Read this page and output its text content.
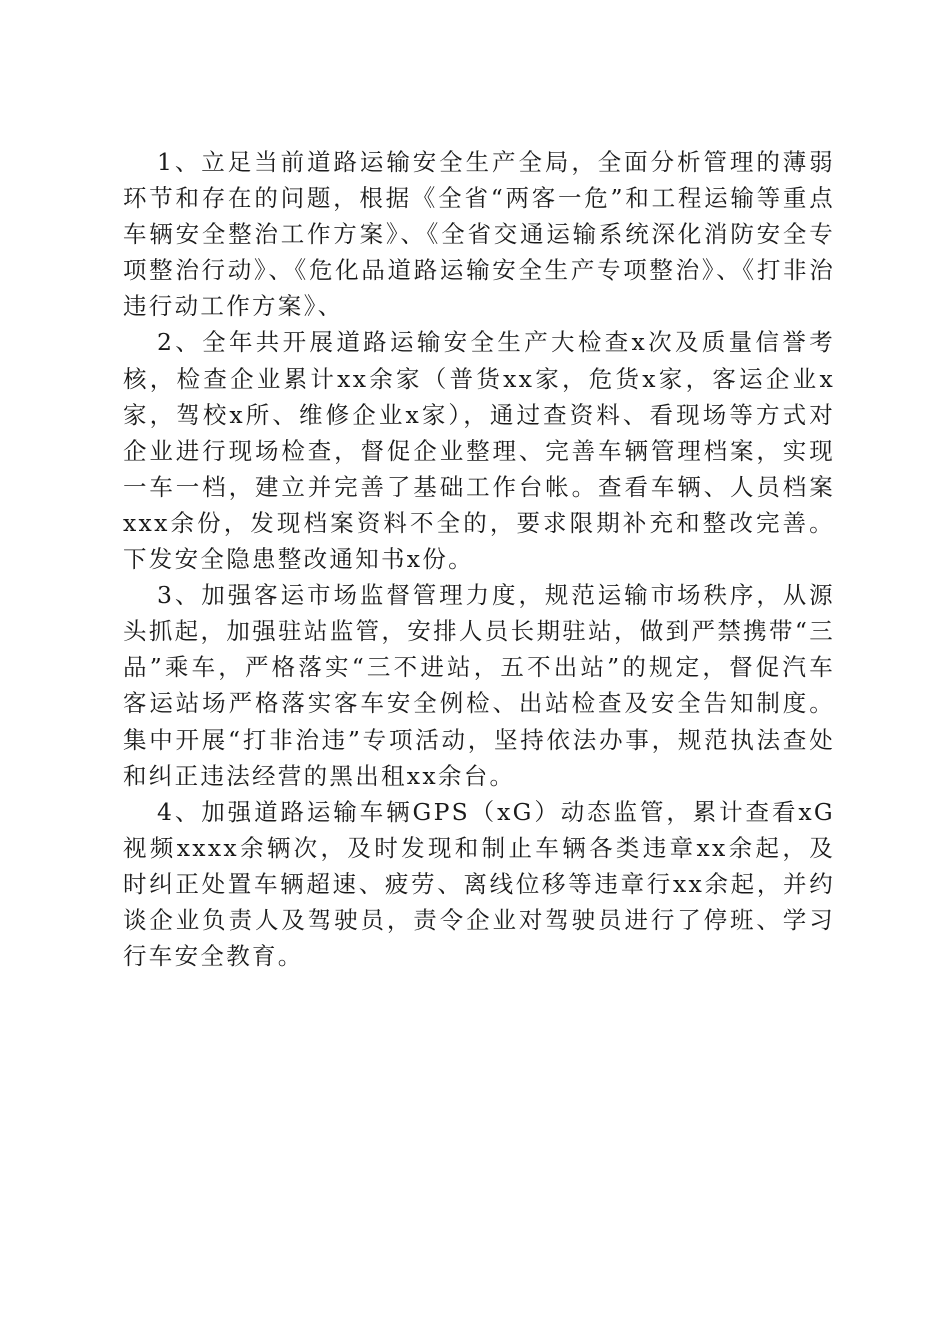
1、立足当前道路运输安全生产全局，全面分析管理的薄弱环节和存在的问题，根据《全省“两客一危”和工程运输等重点车辆安全整治工作方案》、《全省交通运输系统深化消防安全专项整治行动》、《危化品道路运输安全生产专项整治》、《打非治违行动工作方案》、

2、全年共开展道路运输安全生产大检查x次及质量信誉考核，检查企业累计xx余家（普货xx家，危货x家，客运企业x家，驾校x所、维修企业x家），通过查资料、看现场等方式对企业进行现场检查，督促企业整理、完善车辆管理档案，实现一车一档，建立并完善了基础工作台帐。查看车辆、人员档案xxx余份，发现档案资料不全的，要求限期补充和整改完善。下发安全隐患整改通知书x份。

3、加强客运市场监督管理力度，规范运输市场秩序，从源头抓起，加强驻站监管，安排人员长期驻站，做到严禁携带“三品”乘车，严格落实“三不进站，五不出站”的规定，督促汽车客运站场严格落实客车安全例检、出站检查及安全告知制度。集中开展“打非治违”专项活动，坚持依法办事，规范执法查处和纠正违法经营的黑出租xx余台。

4、加强道路运输车辆GPS（xG）动态监管，累计查看xG视频xxxx余辆次，及时发现和制止车辆各类违章xx余起，及时纠正处置车辆超速、疲劳、离线位移等违章行xx余起，并约谈企业负责人及驾驶员，责令企业对驾驶员进行了停班、学习行车安全教育。
